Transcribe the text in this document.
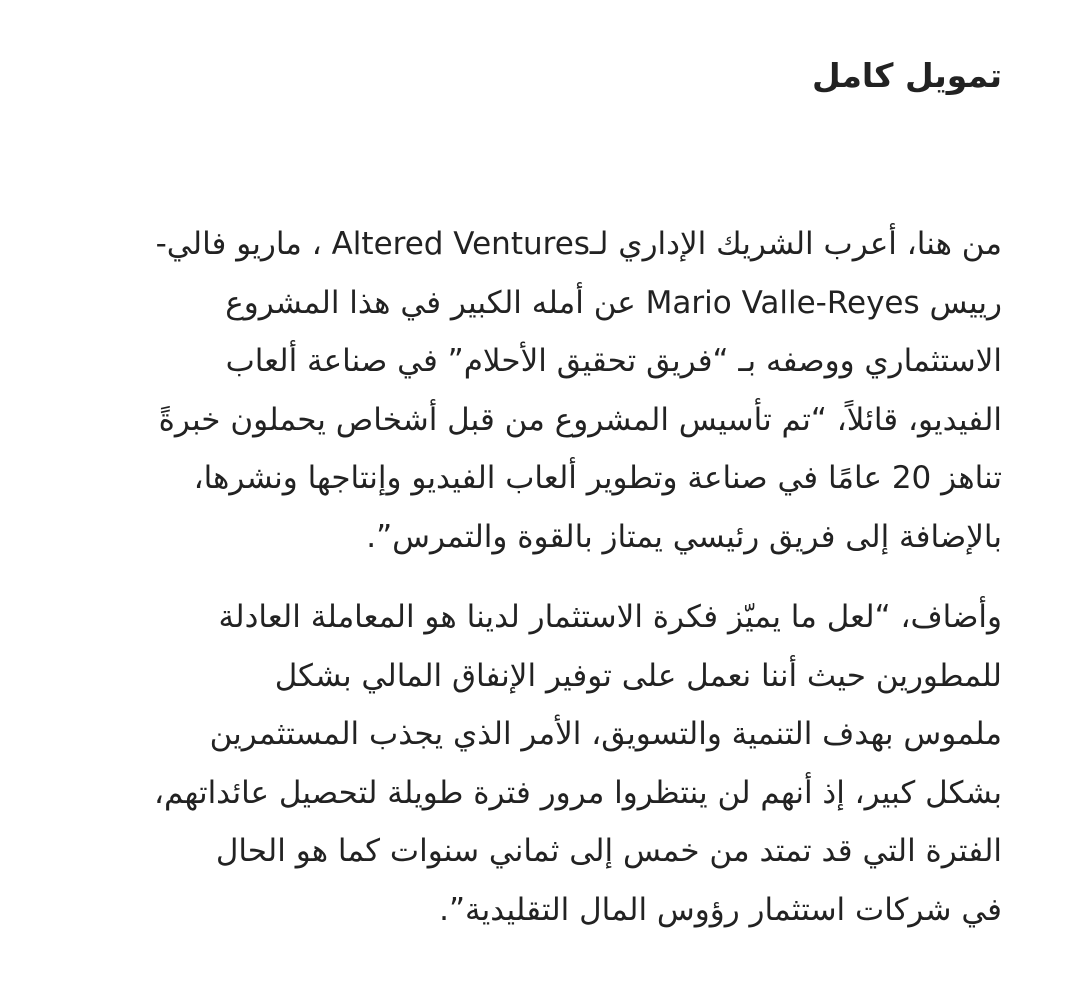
تمويل كامل

من هنا، أعرب الشريك الإداري لـAltered Ventures ، ماريو فالي-
رييس Mario Valle-Reyes عن أمله الكبير في هذا المشروع
الاستثماري ووصفه بـ “فريق تحقيق الأحلام” في صناعة ألعاب
الفيديو، قائلاً، “تم تأسيس المشروع من قبل أشخاص يحملون خبرةً
تناهز 20 عامًا في صناعة وتطوير ألعاب الفيديو وإنتاجها ونشرها،
بالإضافة إلى فريق رئيسي يمتاز بالقوة والتمرس”.

وأضاف، “لعل ما يميّز فكرة الاستثمار لدينا هو المعاملة العادلة
للمطورين حيث أننا نعمل على توفير الإنفاق المالي بشكل
ملموس بهدف التنمية والتسويق، الأمر الذي يجذب المستثمرين
بشكل كبير، إذ أنهم لن ينتظروا مرور فترة طويلة لتحصيل عائداتهم،
الفترة التي قد تمتد من خمس إلى ثماني سنوات كما هو الحال
في شركات استثمار رؤوس المال التقليدية”.
